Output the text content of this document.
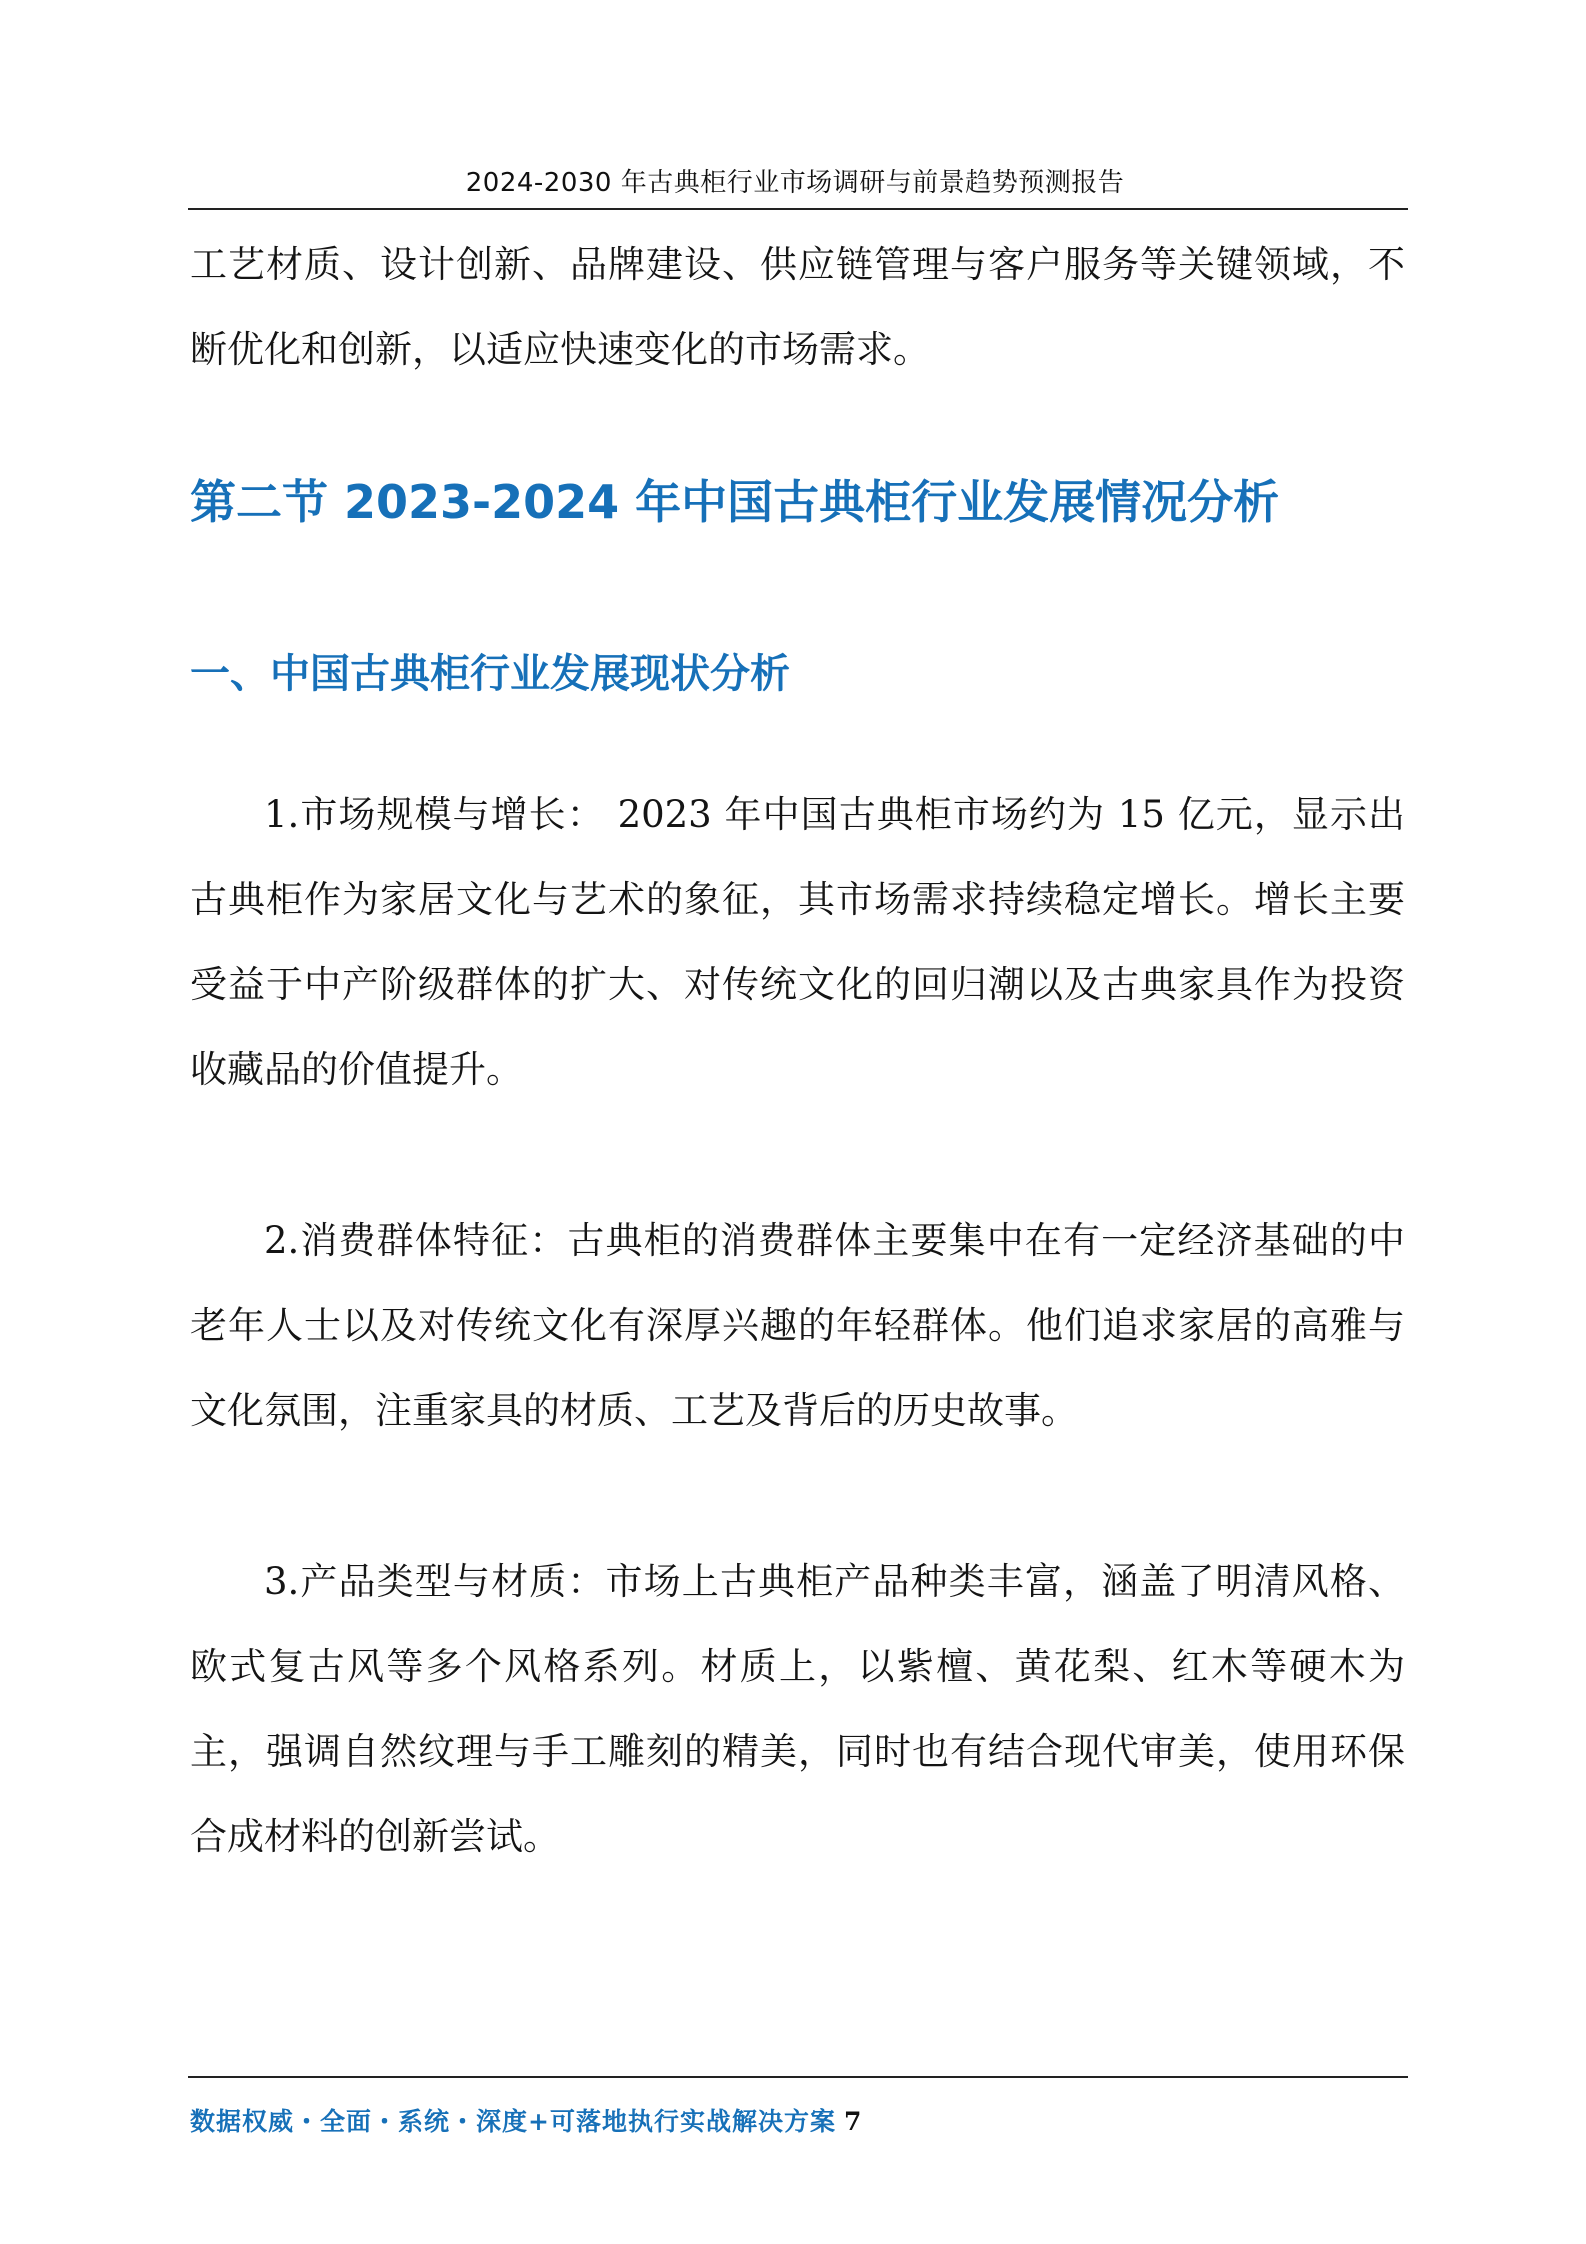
2024-2030 年古典柜行业市场调研与前景趋势预测报告

工艺材质、设计创新、品牌建设、供应链管理与客户服务等关键领域，不断优化和创新，以适应快速变化的市场需求。

第二节 2023-2024 年中国古典柜行业发展情况分析
一、中国古典柜行业发展现状分析

1.市场规模与增长： 2023 年中国古典柜市场约为 15 亿元，显示出古典柜作为家居文化与艺术的象征，其市场需求持续稳定增长。增长主要受益于中产阶级群体的扩大、对传统文化的回归潮以及古典家具作为投资收藏品的价值提升。

2.消费群体特征：古典柜的消费群体主要集中在有一定经济基础的中老年人士以及对传统文化有深厚兴趣的年轻群体。他们追求家居的高雅与文化氛围，注重家具的材质、工艺及背后的历史故事。

3.产品类型与材质：市场上古典柜产品种类丰富，涵盖了明清风格、欧式复古风等多个风格系列。材质上，以紫檀、黄花梨、红木等硬木为主，强调自然纹理与手工雕刻的精美，同时也有结合现代审美，使用环保合成材料的创新尝试。

数据权威・全面・系统・深度+可落地执行实战解决方案 7
